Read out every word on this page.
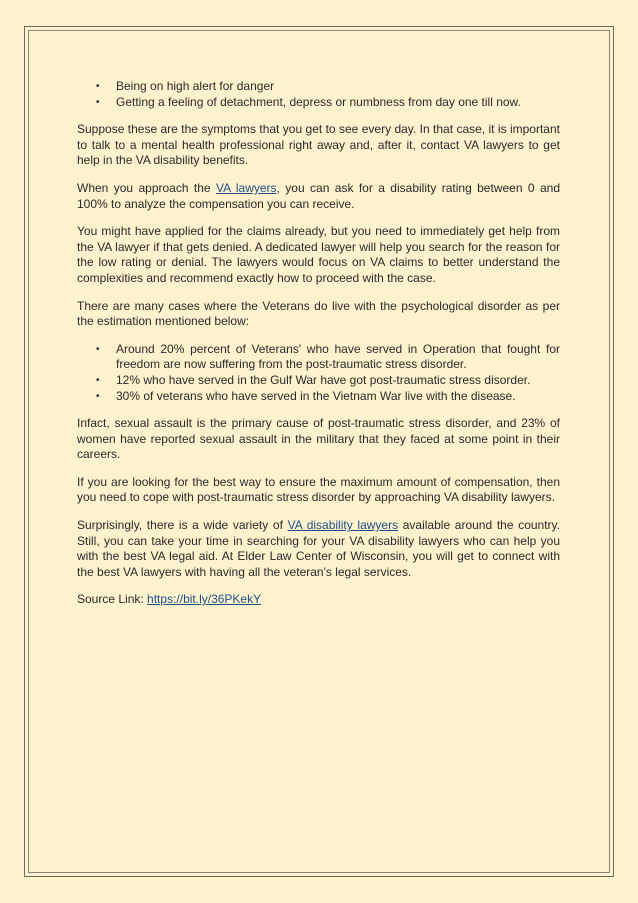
• Being on high alert for danger
• Getting a feeling of detachment, depress or numbness from day one till now.

Suppose these are the symptoms that you get to see every day. In that case, it is important to talk to a mental health professional right away and, after it, contact VA lawyers to get help in the VA disability benefits.

When you approach the VA lawyers, you can ask for a disability rating between 0 and 100% to analyze the compensation you can receive.

You might have applied for the claims already, but you need to immediately get help from the VA lawyer if that gets denied. A dedicated lawyer will help you search for the reason for the low rating or denial. The lawyers would focus on VA claims to better understand the complexities and recommend exactly how to proceed with the case.

There are many cases where the Veterans do live with the psychological disorder as per the estimation mentioned below:

• Around 20% percent of Veterans' who have served in Operation that fought for freedom are now suffering from the post-traumatic stress disorder.
• 12% who have served in the Gulf War have got post-traumatic stress disorder.
• 30% of veterans who have served in the Vietnam War live with the disease.

Infact, sexual assault is the primary cause of post-traumatic stress disorder, and 23% of women have reported sexual assault in the military that they faced at some point in their careers.

If you are looking for the best way to ensure the maximum amount of compensation, then you need to cope with post-traumatic stress disorder by approaching VA disability lawyers.

Surprisingly, there is a wide variety of VA disability lawyers available around the country. Still, you can take your time in searching for your VA disability lawyers who can help you with the best VA legal aid. At Elder Law Center of Wisconsin, you will get to connect with the best VA lawyers with having all the veteran's legal services.

Source Link: https://bit.ly/36PKekY
